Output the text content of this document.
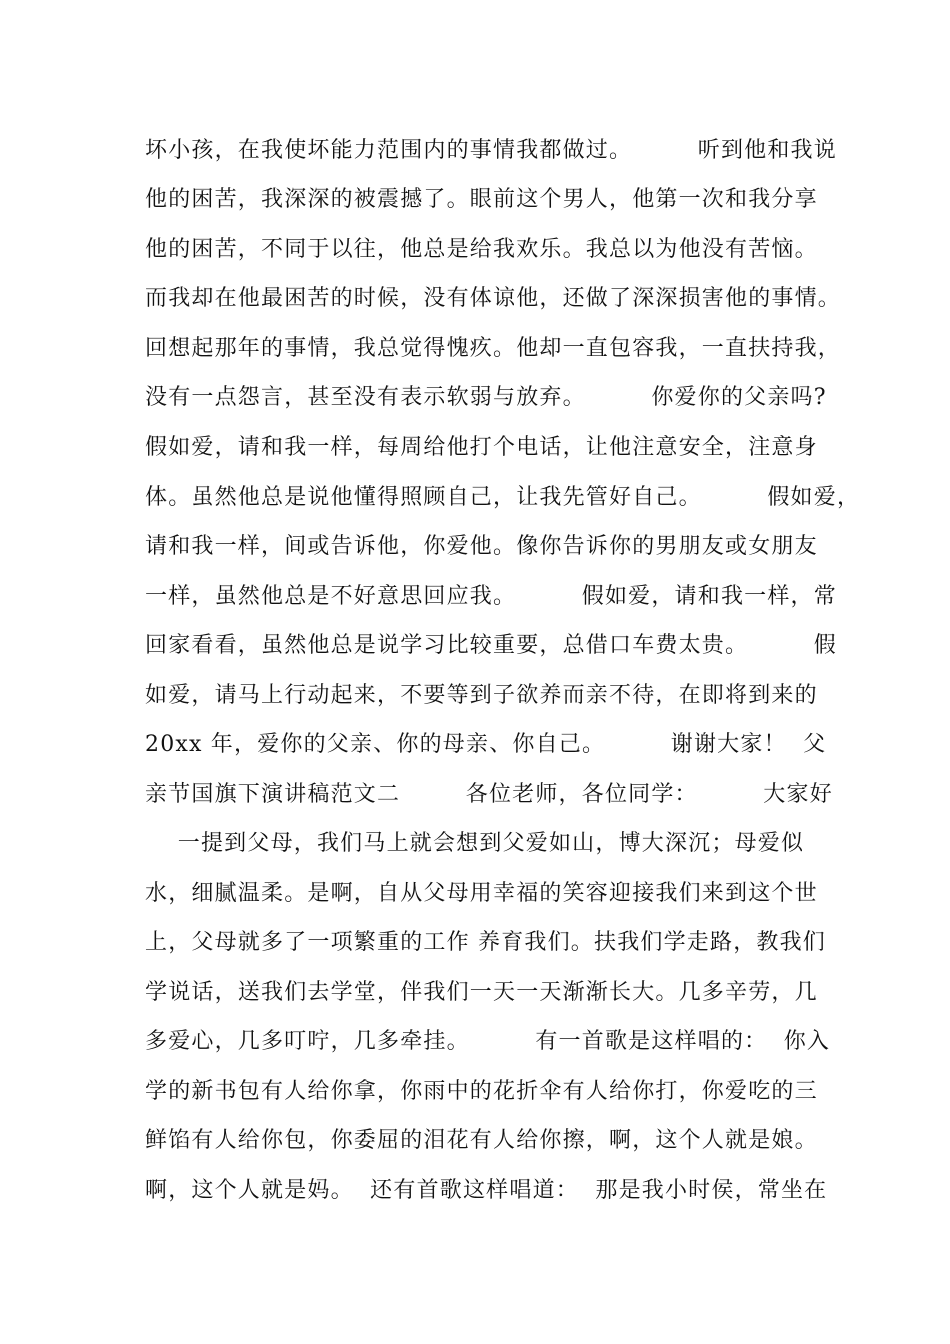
坏小孩，在我使坏能力范围内的事情我都做过。        听到他和我说
他的困苦，我深深的被震撼了。眼前这个男人，他第一次和我分享
他的困苦，不同于以往，他总是给我欢乐。我总以为他没有苦恼。
而我却在他最困苦的时候，没有体谅他，还做了深深损害他的事情。
回想起那年的事情，我总觉得愧疚。他却一直包容我，一直扶持我，
没有一点怨言，甚至没有表示软弱与放弃。        你爱你的父亲吗?
假如爱，请和我一样，每周给他打个电话，让他注意安全，注意身
体。虽然他总是说他懂得照顾自己，让我先管好自己。        假如爱，
请和我一样，间或告诉他，你爱他。像你告诉你的男朋友或女朋友
一样，虽然他总是不好意思回应我。        假如爱，请和我一样，常
回家看看，虽然他总是说学习比较重要，总借口车费太贵。        假
如爱，请马上行动起来，不要等到子欲养而亲不待，在即将到来的
20xx 年，爱你的父亲、你的母亲、你自己。        谢谢大家！  父
亲节国旗下演讲稿范文二        各位老师，各位同学：        大家好
一提到父母，我们马上就会想到父爱如山，博大深沉；母爱似
水，细腻温柔。是啊，自从父母用幸福的笑容迎接我们来到这个世
上，父母就多了一项繁重的工作 养育我们。扶我们学走路，教我们
学说话，送我们去学堂，伴我们一天一天渐渐长大。几多辛劳，几
多爱心，几多叮咛，几多牵挂。        有一首歌是这样唱的：  你入
学的新书包有人给你拿，你雨中的花折伞有人给你打，你爱吃的三
鲜馅有人给你包，你委屈的泪花有人给你擦，啊，这个人就是娘。
啊，这个人就是妈。  还有首歌这样唱道：  那是我小时侯，常坐在
